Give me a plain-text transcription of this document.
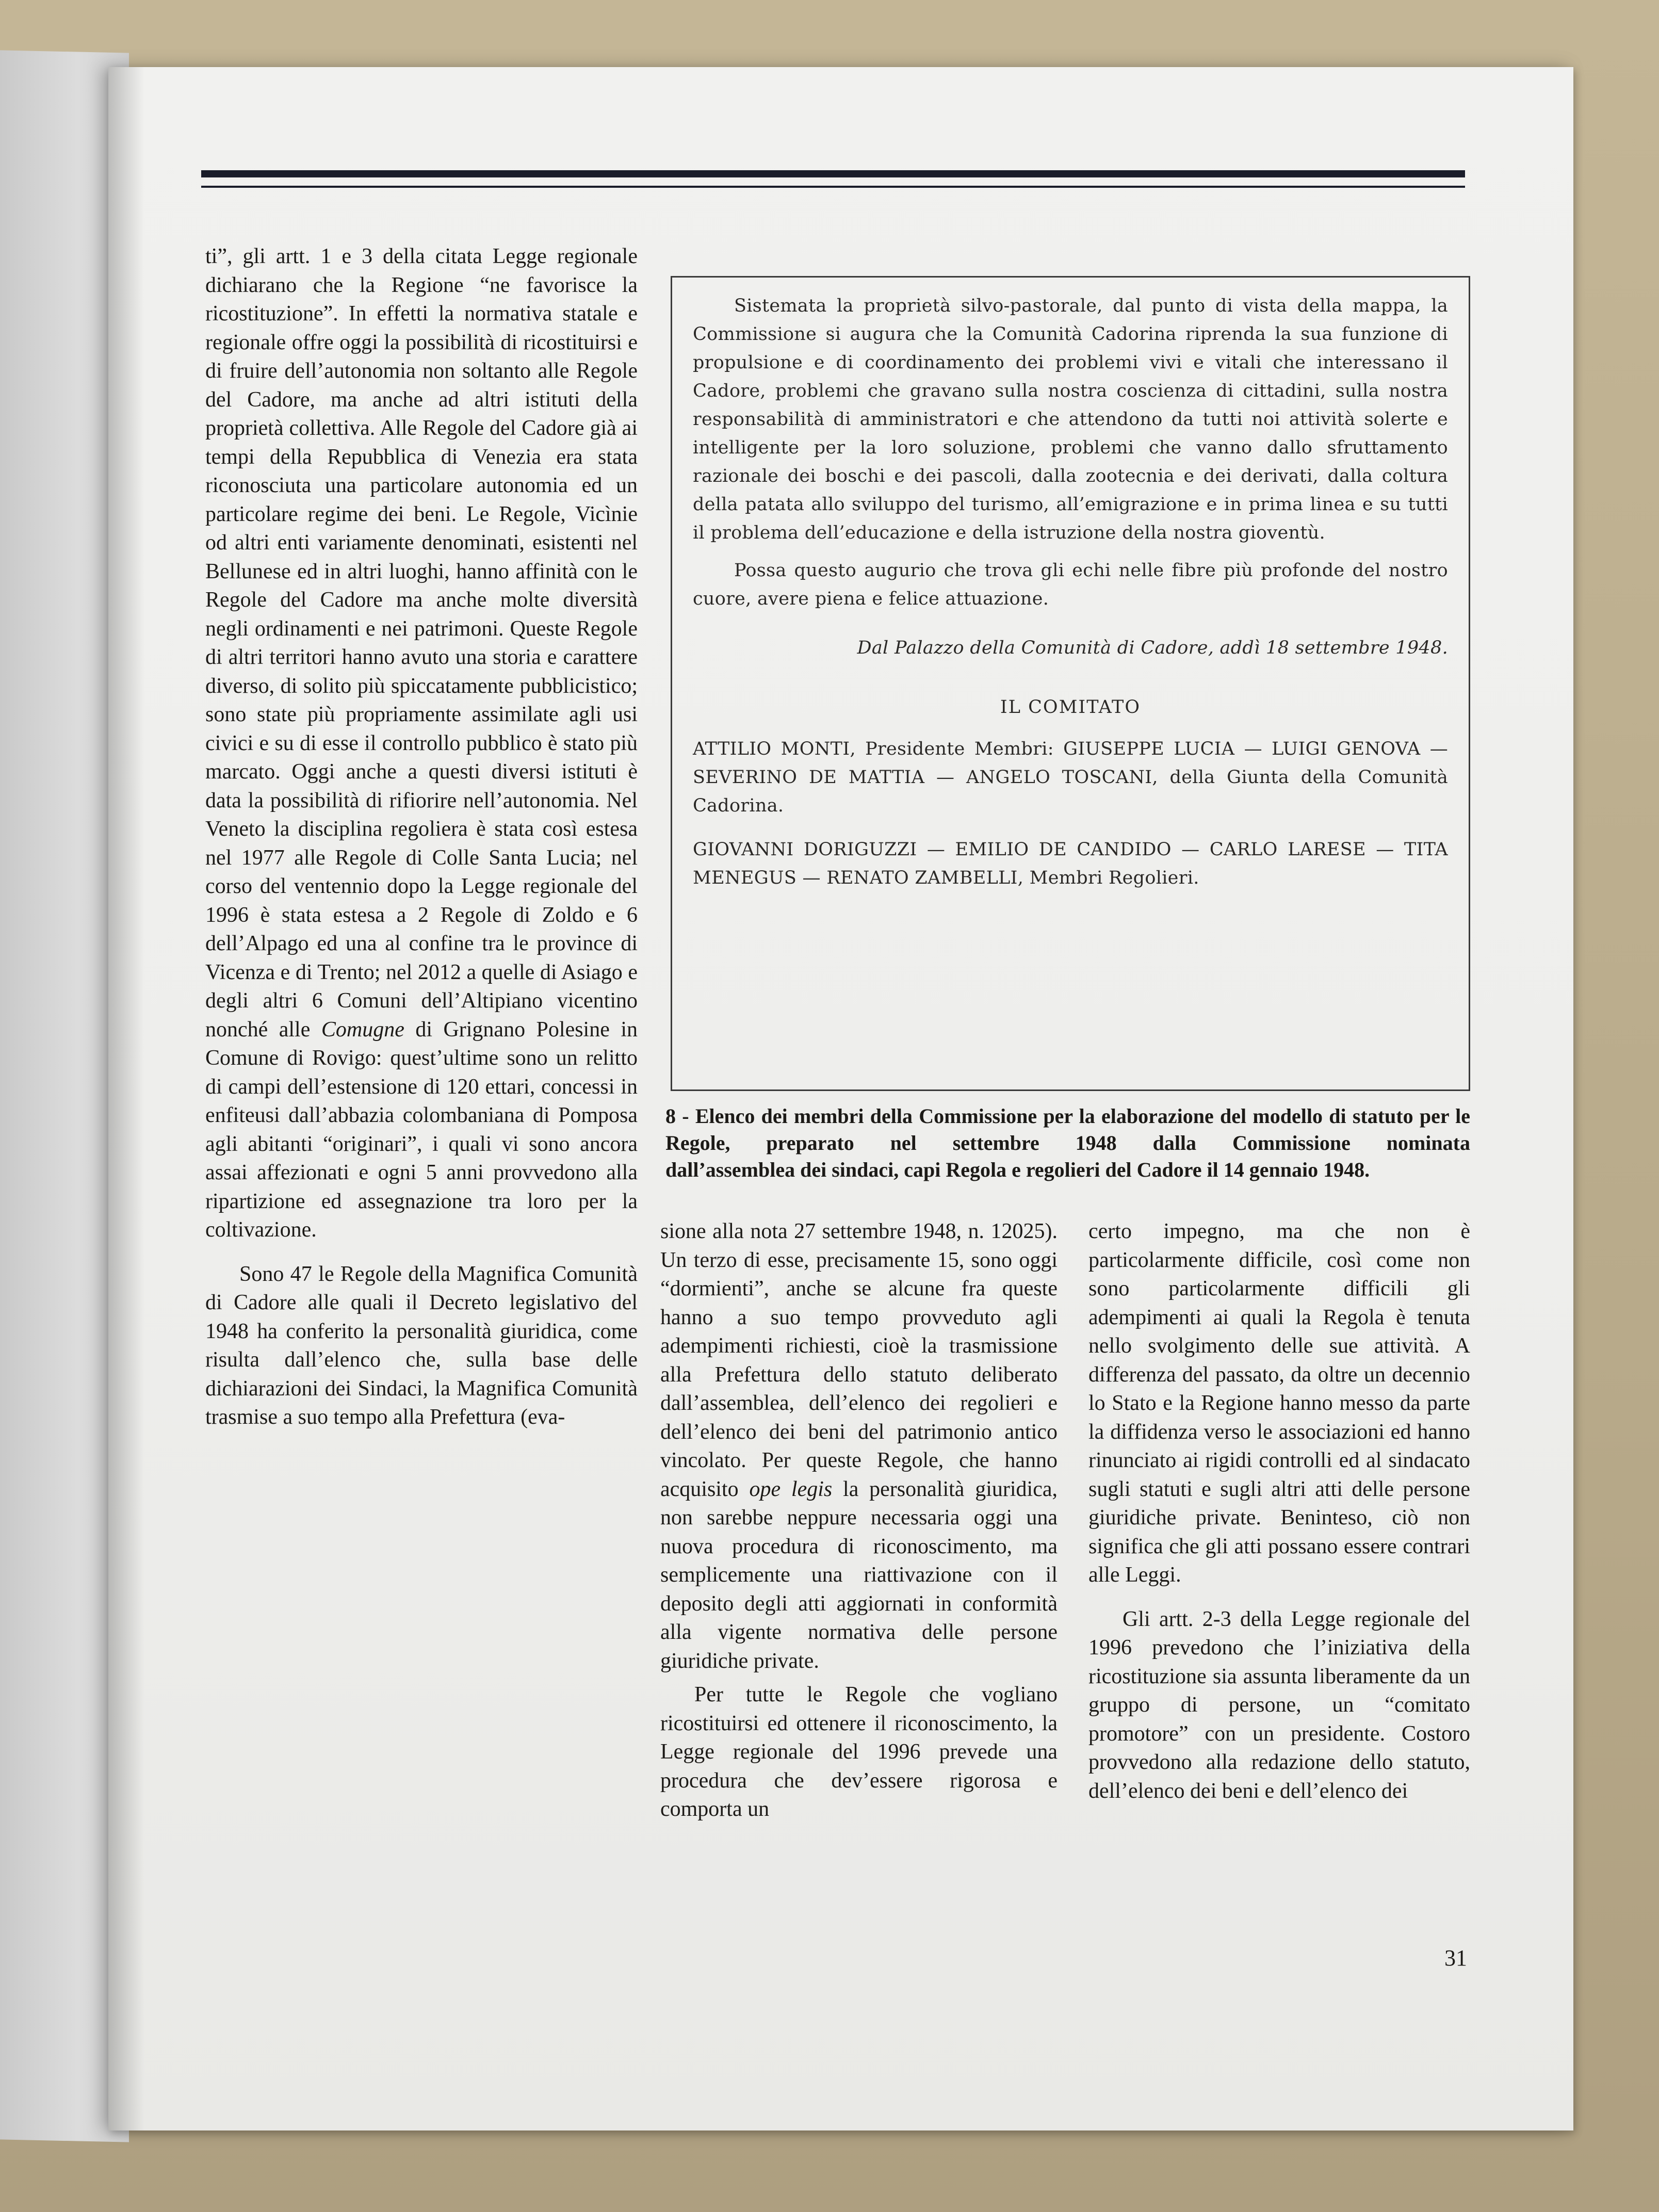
ti”, gli artt. 1 e 3 della citata Legge regionale dichiarano che la Regione “ne favorisce la ricostituzione”. In effetti la normativa statale e regionale offre oggi la possibilità di ricostituirsi e di fruire dell’autonomia non soltanto alle Regole del Cadore, ma anche ad altri istituti della proprietà collettiva. Alle Regole del Cadore già ai tempi della Repubblica di Venezia era stata riconosciuta una particolare autonomia ed un particolare regime dei beni. Le Regole, Vicìnie od altri enti variamente denominati, esistenti nel Bellunese ed in altri luoghi, hanno affinità con le Regole del Cadore ma anche molte diversità negli ordinamenti e nei patrimoni. Queste Regole di altri territori hanno avuto una storia e carattere diverso, di solito più spiccatamente pubblicistico; sono state più propriamente assimilate agli usi civici e su di esse il controllo pubblico è stato più marcato. Oggi anche a questi diversi istituti è data la possibilità di rifiorire nell’autonomia. Nel Veneto la disciplina regoliera è stata così estesa nel 1977 alle Regole di Colle Santa Lucia; nel corso del ventennio dopo la Legge regionale del 1996 è stata estesa a 2 Regole di Zoldo e 6 dell’Alpago ed una al confine tra le province di Vicenza e di Trento; nel 2012 a quelle di Asiago e degli altri 6 Comuni dell’Altipiano vicentino nonché alle Comugne di Grignano Polesine in Comune di Rovigo: quest’ultime sono un relitto di campi dell’estensione di 120 ettari, concessi in enfiteusi dall’abbazia colombaniana di Pomposa agli abitanti “originari”, i quali vi sono ancora assai affezionati e ogni 5 anni provvedono alla ripartizione ed assegnazione tra loro per la coltivazione.

Sono 47 le Regole della Magnifica Comunità di Cadore alle quali il Decreto legislativo del 1948 ha conferito la personalità giuridica, come risulta dall’elenco che, sulla base delle dichiarazioni dei Sindaci, la Magnifica Comunità trasmise a suo tempo alla Prefettura (eva-

Sistemata la proprietà silvo-pastorale, dal punto di vista della mappa, la Commissione si augura che la Comunità Cadorina riprenda la sua funzione di propulsione e di coordinamento dei problemi vivi e vitali che interessano il Cadore, problemi che gravano sulla nostra coscienza di cittadini, sulla nostra responsabilità di amministratori e che attendono da tutti noi attività solerte e intelligente per la loro soluzione, problemi che vanno dallo sfruttamento razionale dei boschi e dei pascoli, dalla zootecnia e dei derivati, dalla coltura della patata allo sviluppo del turismo, all’emigrazione e in prima linea e su tutti il problema dell’educazione e della istruzione della nostra gioventù.

Possa questo augurio che trova gli echi nelle fibre più profonde del nostro cuore, avere piena e felice attuazione.

Dal Palazzo della Comunità di Cadore, addì 18 settembre 1948.

IL COMITATO

ATTILIO MONTI, Presidente Membri: GIUSEPPE LUCIA — LUIGI GENOVA — SEVERINO DE MATTIA — ANGELO TOSCANI, della Giunta della Comunità Cadorina.

GIOVANNI DORIGUZZI — EMILIO DE CANDIDO — CARLO LARESE — TITA MENEGUS — RENATO ZAMBELLI, Membri Regolieri.

8 - Elenco dei membri della Commissione per la elaborazione del modello di statuto per le Regole, preparato nel settembre 1948 dalla Commissione nominata
dall’assemblea dei sindaci, capi Regola e regolieri del Cadore il 14 gennaio 1948.

sione alla nota 27 settembre 1948, n. 12025). Un terzo di esse, precisamente 15, sono oggi “dormienti”, anche se alcune fra queste hanno a suo tempo provveduto agli adempimenti richiesti, cioè la trasmissione alla Prefettura dello statuto deliberato dall’assemblea, dell’elenco dei regolieri e dell’elenco dei beni del patrimonio antico vincolato. Per queste Regole, che hanno acquisito ope legis la personalità giuridica, non sarebbe neppure necessaria oggi una nuova procedura di riconoscimento, ma semplicemente una riattivazione con il deposito degli atti aggiornati in conformità alla vigente normativa delle persone giuridiche private.

Per tutte le Regole che vogliano ricostituirsi ed ottenere il riconoscimento, la Legge regionale del 1996 prevede una procedura che dev’essere rigorosa e comporta un

certo impegno, ma che non è particolarmente difficile, così come non sono particolarmente difficili gli adempimenti ai quali la Regola è tenuta nello svolgimento delle sue attività. A differenza del passato, da oltre un decennio lo Stato e la Regione hanno messo da parte la diffidenza verso le associazioni ed hanno rinunciato ai rigidi controlli ed al sindacato sugli statuti e sugli altri atti delle persone giuridiche private. Beninteso, ciò non significa che gli atti possano essere contrari alle Leggi.

Gli artt. 2-3 della Legge regionale del 1996 prevedono che l’iniziativa della ricostituzione sia assunta liberamente da un gruppo di persone, un “comitato promotore” con un presidente. Costoro provvedono alla redazione dello statuto, dell’elenco dei beni e dell’elenco dei

31
